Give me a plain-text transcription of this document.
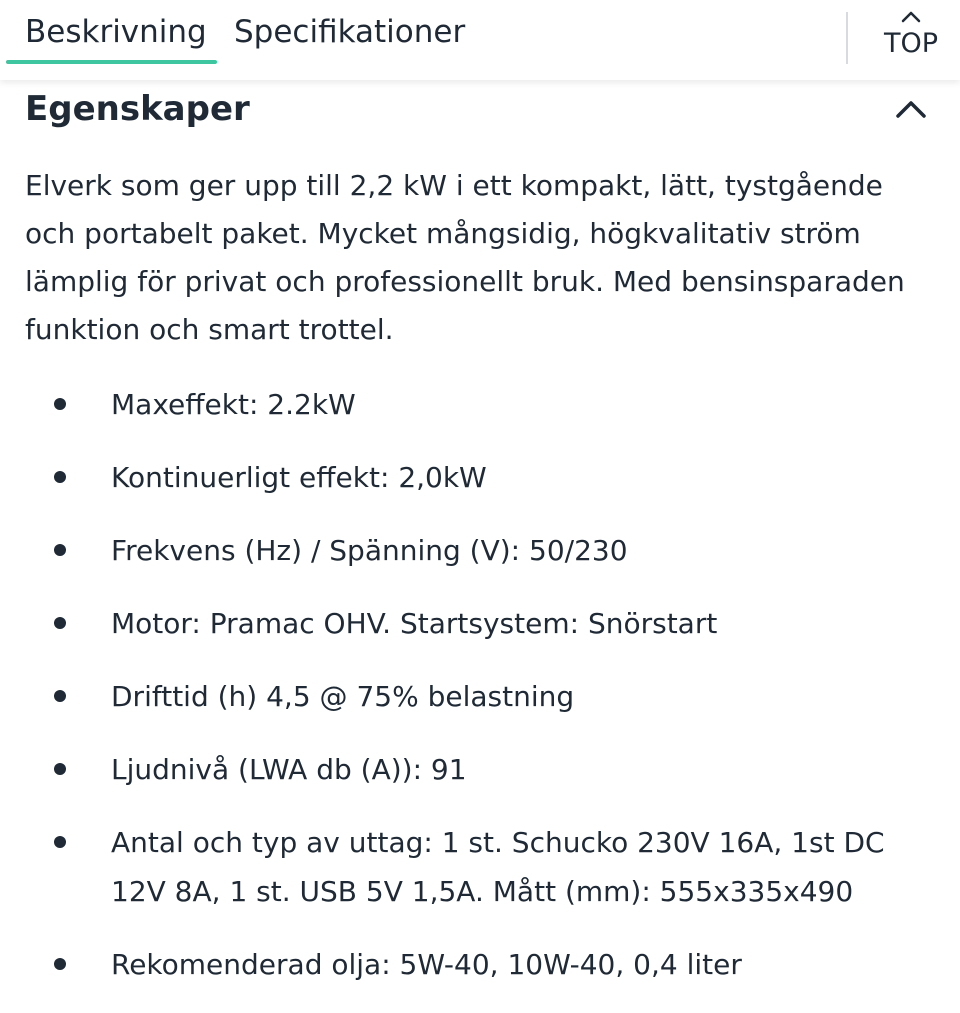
Beskrivning Specifikationer	TOP
Egenskaper

Elverk som ger upp till 2,2 kW i ett kompakt, lätt, tystgående och portabelt paket. Mycket mångsidig, högkvalitativ ström lämplig för privat och professionellt bruk. Med bensinsparaden funktion och smart trottel.

Maxeffekt: 2.2kW
Kontinuerligt effekt: 2,0kW
Frekvens (Hz) / Spänning (V): 50/230
Motor: Pramac OHV. Startsystem: Snörstart
Drifttid (h) 4,5 @ 75% belastning
Ljudnivå (LWA db (A)): 91
Antal och typ av uttag: 1 st. Schucko 230V 16A, 1st DC 12V 8A, 1 st. USB 5V 1,5A. Mått (mm): 555x335x490
Rekomenderad olja: 5W-40, 10W-40, 0,4 liter
